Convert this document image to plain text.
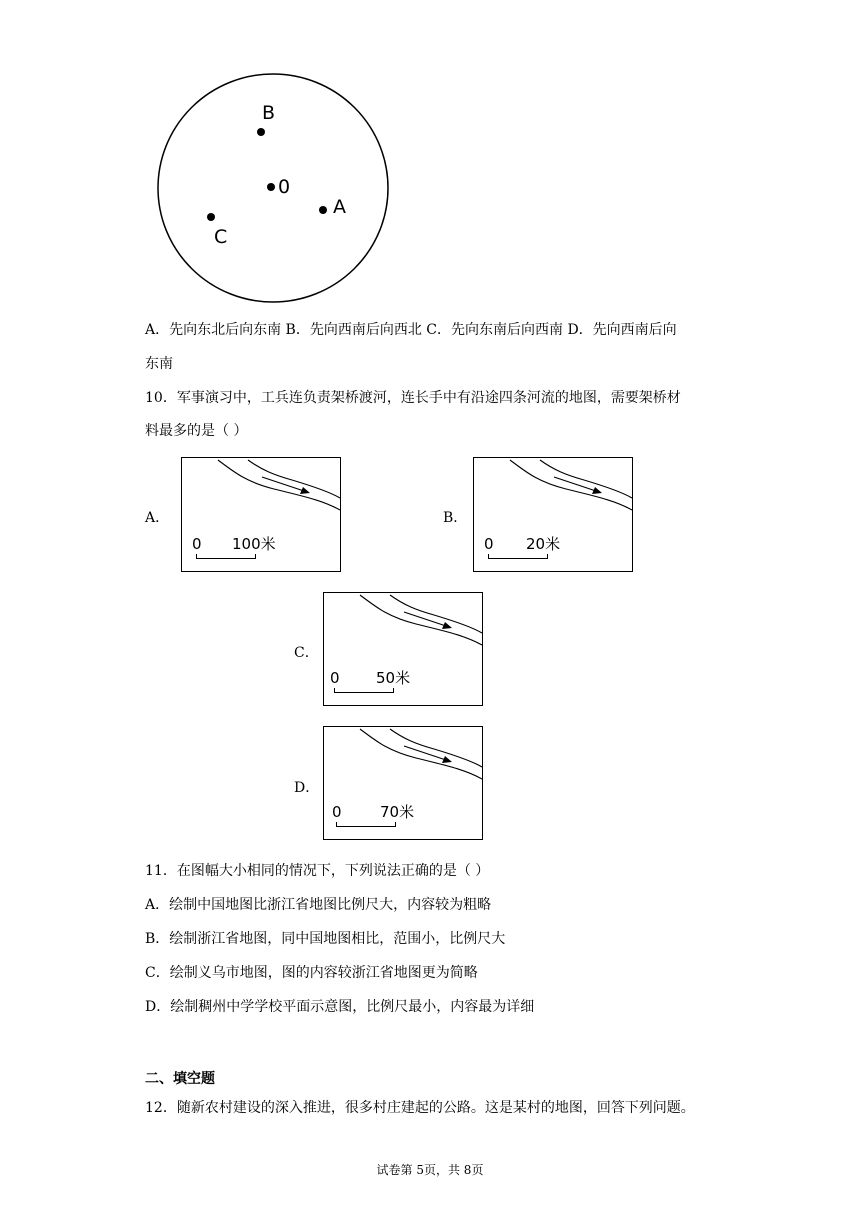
B
0
A
C
A．先向东北后向东南 B．先向西南后向西北 C．先向东南后向西南 D．先向西南后向
东南
10．军事演习中，工兵连负责架桥渡河，连长手中有沿途四条河流的地图，需要架桥材
料最多的是（ ）
A．
0 100米
B．
0 20米
C．
0 50米
D．
0	70米
11．在图幅大小相同的情况下，下列说法正确的是（ ）
A．绘制中国地图比浙江省地图比例尺大，内容较为粗略
B．绘制浙江省地图，同中国地图相比，范围小，比例尺大
C．绘制义乌市地图，图的内容较浙江省地图更为简略
D．绘制稠州中学学校平面示意图，比例尺最小，内容最为详细
二、填空题
12．随新农村建设的深入推进，很多村庄建起的公路。这是某村的地图，回答下列问题。
试卷第 5页，共 8页
